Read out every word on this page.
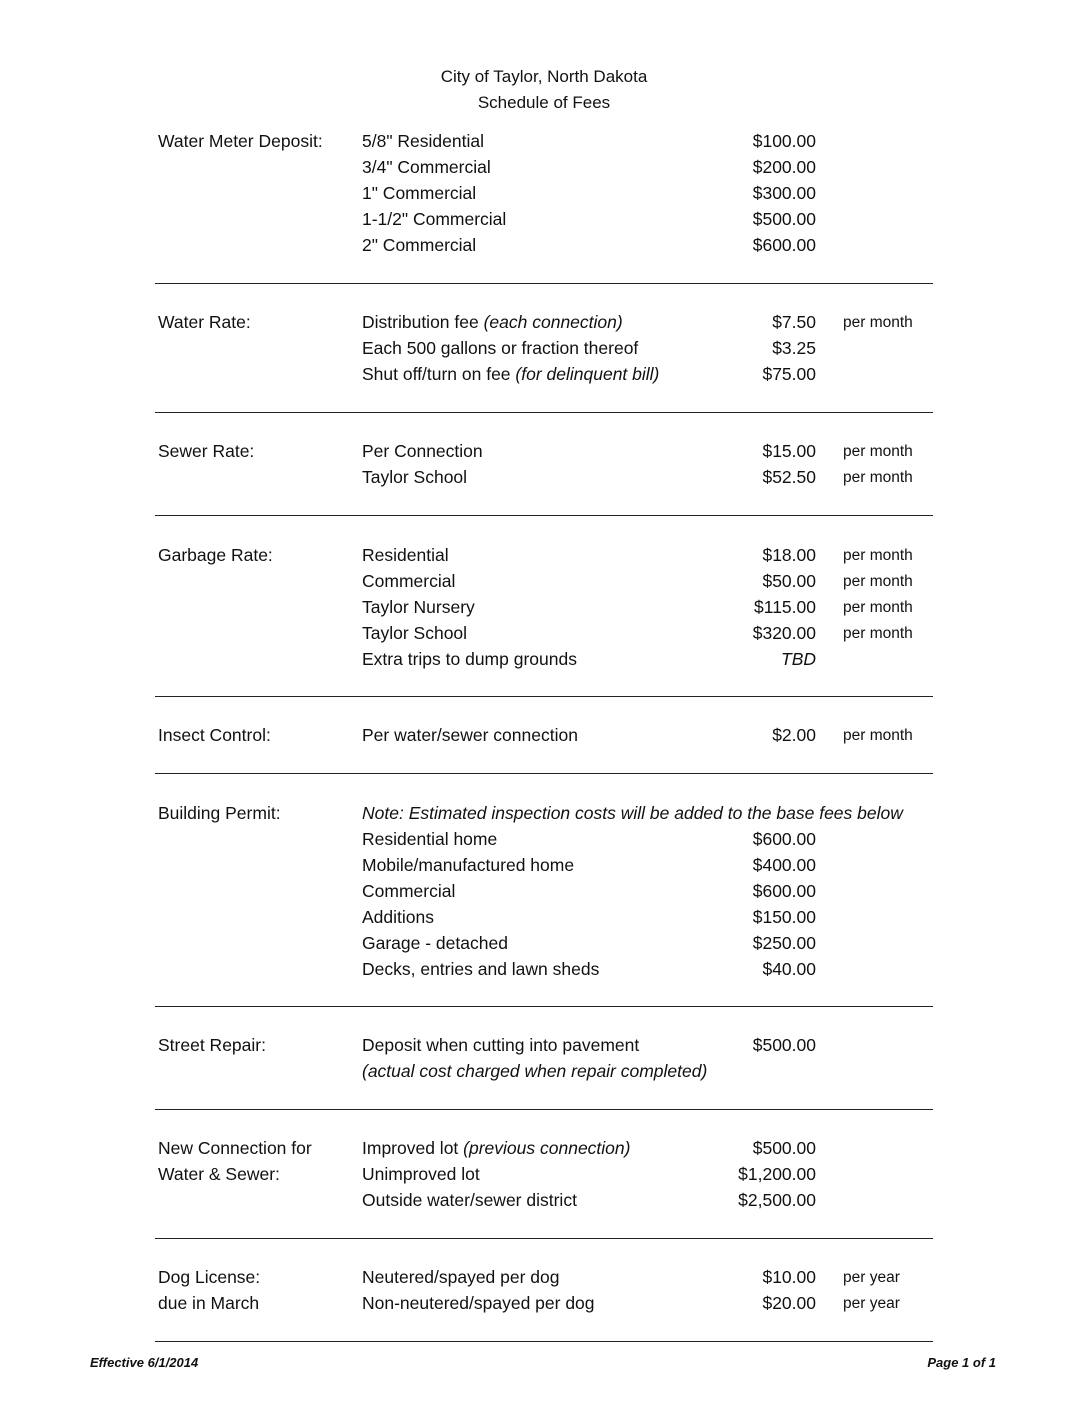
City of Taylor, North Dakota
Schedule of Fees
Water Meter Deposit: 5/8" Residential	$100.00
3/4" Commercial	$200.00
1" Commercial	$300.00
1-1/2" Commercial	$500.00
2" Commercial	$600.00
Water Rate:	Distribution fee (each connection)	$7.50 per month
Each 500 gallons or fraction thereof	$3.25
Shut off/turn on fee (for delinquent bill)	$75.00
Sewer Rate:	Per Connection	$15.00 per month
Taylor School	$52.50 per month
Garbage Rate:	Residential	$18.00 per month
Commercial	$50.00 per month
Taylor Nursery	$115.00 per month
Taylor School	$320.00 per month
Extra trips to dump grounds	TBD
Insect Control:	Per water/sewer connection	$2.00 per month
Building Permit:	Note: Estimated inspection costs will be added to the base fees below
Residential home	$600.00
Mobile/manufactured home	$400.00
Commercial	$600.00
Additions	$150.00
Garage - detached	$250.00
Decks, entries and lawn sheds	$40.00
Street Repair:	Deposit when cutting into pavement	$500.00
(actual cost charged when repair completed)
New Connection for	Improved lot (previous connection)	$500.00
Water & Sewer:	Unimproved lot	$1,200.00
Outside water/sewer district	$2,500.00
Dog License:	Neutered/spayed per dog	$10.00 per year
due in March	Non-neutered/spayed per dog	$20.00 per year
Effective 6/1/2014	Page 1 of 1
